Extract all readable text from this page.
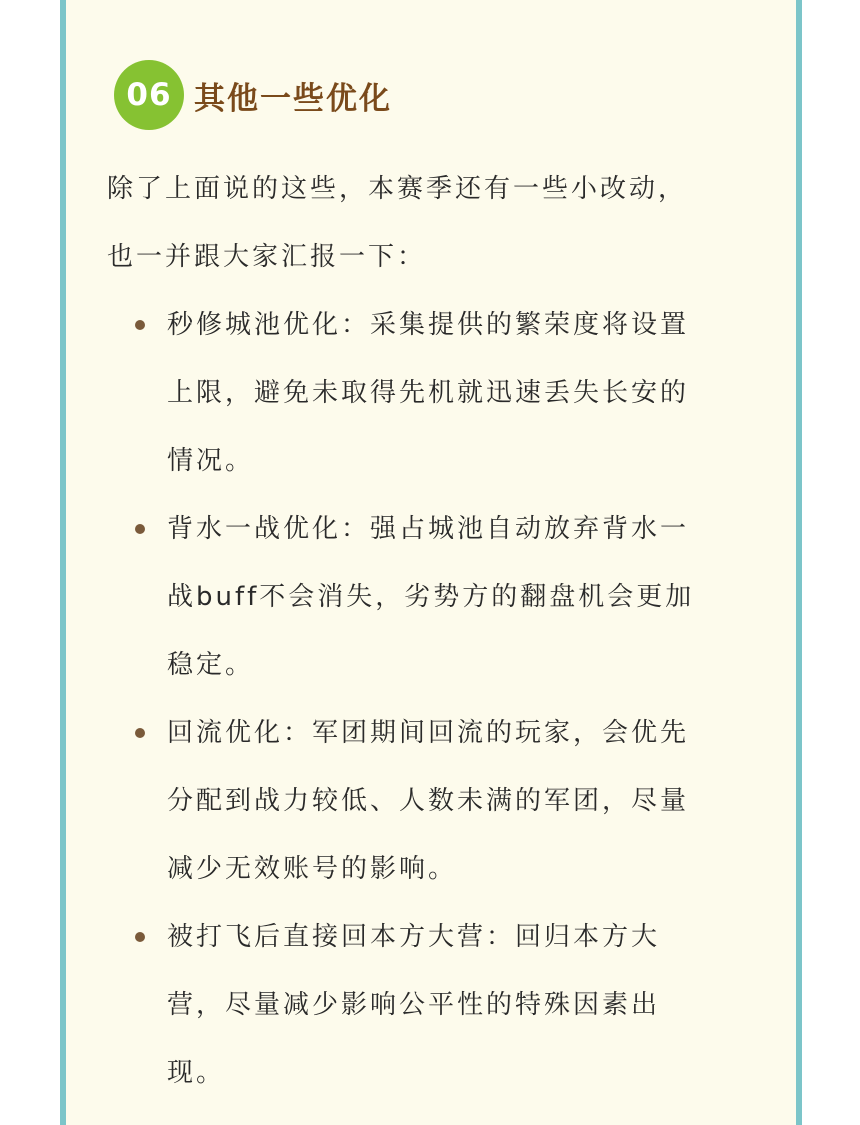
06 其他一些优化
除了上面说的这些，本赛季还有一些小改动，
也一并跟大家汇报一下：
秒修城池优化：采集提供的繁荣度将设置
上限，避免未取得先机就迅速丢失长安的
情况。
背水一战优化：强占城池自动放弃背水一
战buff不会消失，劣势方的翻盘机会更加
稳定。
回流优化：军团期间回流的玩家，会优先
分配到战力较低、人数未满的军团，尽量
减少无效账号的影响。
被打飞后直接回本方大营：回归本方大
营，尽量减少影响公平性的特殊因素出
现。
